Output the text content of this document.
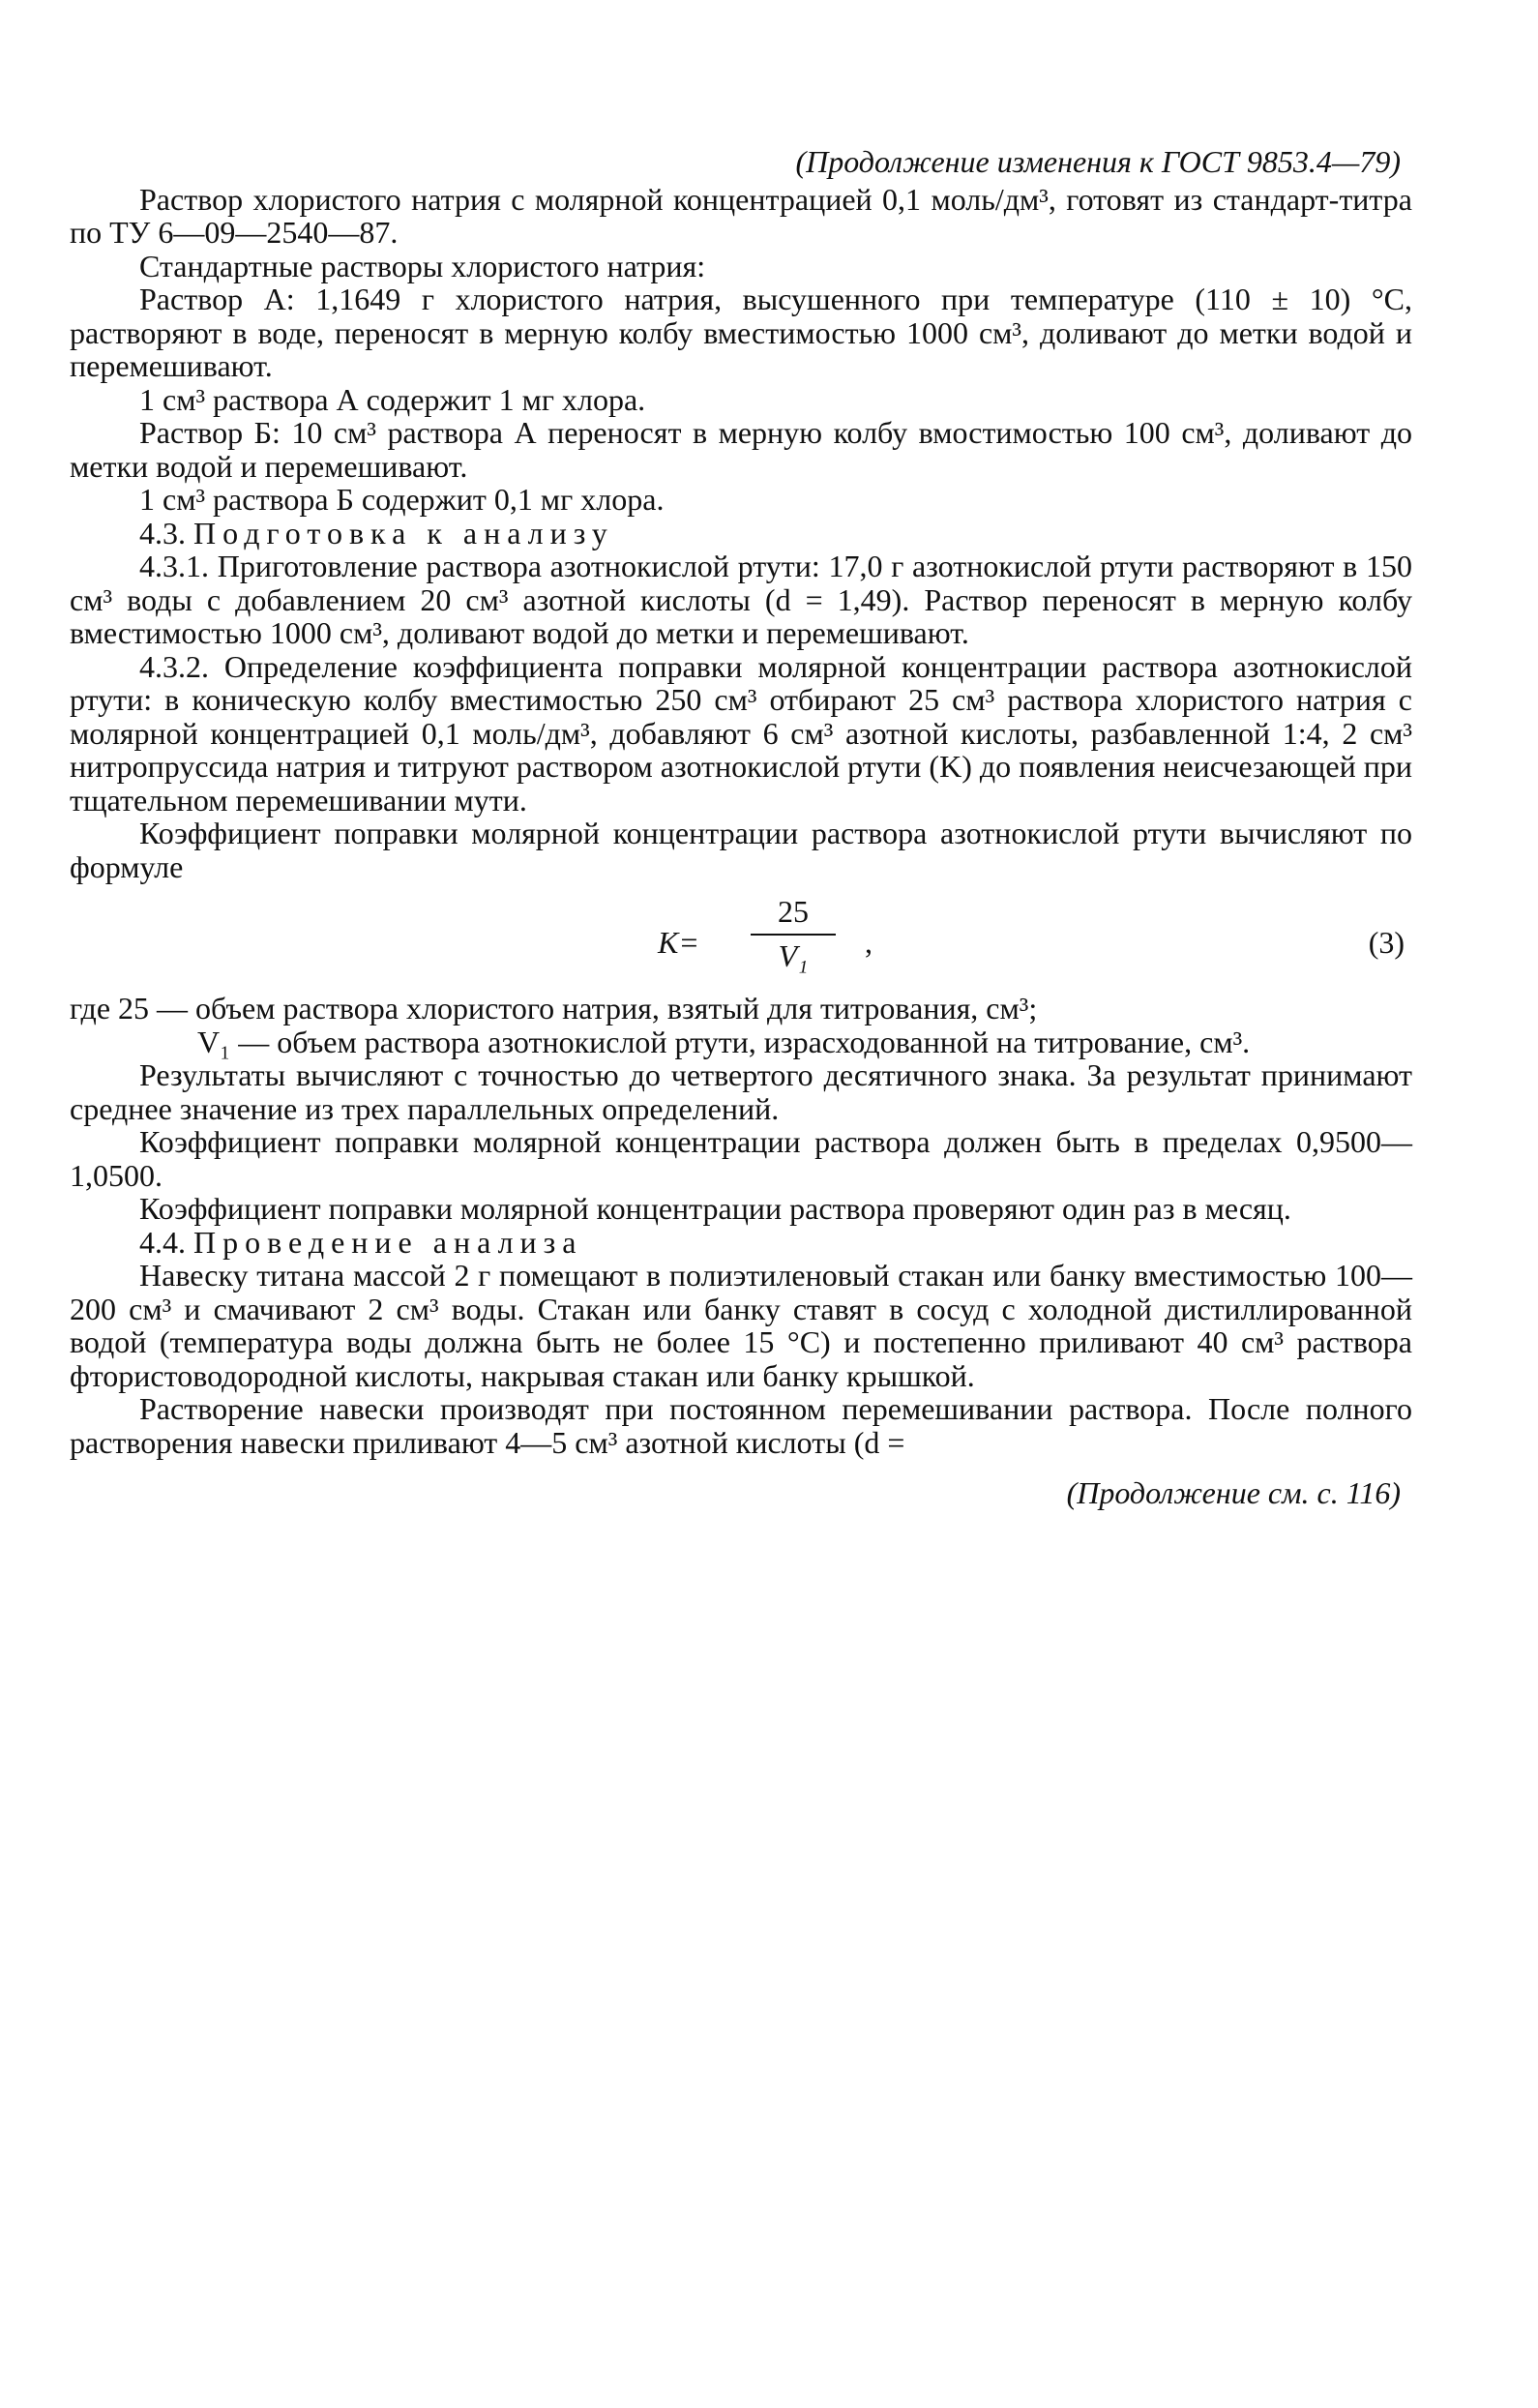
(Продолжение изменения к ГОСТ 9853.4—79)

Раствор хлористого натрия с молярной концентрацией 0,1 моль/дм³, готовят из стандарт-титра по ТУ 6—09—2540—87.

Стандартные растворы хлористого натрия:

Раствор А: 1,1649 г хлористого натрия, высушенного при температуре (110 ± 10) °С, растворяют в воде, переносят в мерную колбу вместимостью 1000 см³, доливают до метки водой и перемешивают.

1 см³ раствора А содержит 1 мг хлора.

Раствор Б: 10 см³ раствора А переносят в мерную колбу вмостимостью 100 см³, доливают до метки водой и перемешивают.

1 см³ раствора Б содержит 0,1 мг хлора.

4.3. Подготовка к анализу

4.3.1. Приготовление раствора азотнокислой ртути: 17,0 г азотнокислой ртути растворяют в 150 см³ воды с добавлением 20 см³ азотной кислоты (d = 1,49). Раствор переносят в мерную колбу вместимостью 1000 см³, доливают водой до метки и перемешивают.

4.3.2. Определение коэффициента поправки молярной концентрации раствора азотнокислой ртути: в коническую колбу вместимостью 250 см³ отбирают 25 см³ раствора хлористого натрия с молярной концентрацией 0,1 моль/дм³, добавляют 6 см³ азотной кислоты, разбавленной 1:4, 2 см³ нитропруссида натрия и титруют раствором азотнокислой ртути (K) до появления неисчезающей при тщательном перемешивании мути.

Коэффициент поправки молярной концентрации раствора азотнокислой ртути вычисляют по формуле

K=
25
V₁	,	(3)

где 25 — объем раствора хлористого натрия, взятый для титрования, см³;

V₁ — объем раствора азотнокислой ртути, израсходованной на титрование, см³.

Результаты вычисляют с точностью до четвертого десятичного знака. За результат принимают среднее значение из трех параллельных определений.

Коэффициент поправки молярной концентрации раствора должен быть в пределах 0,9500—1,0500.

Коэффициент поправки молярной концентрации раствора проверяют один раз в месяц.

4.4. Проведение анализа

Навеску титана массой 2 г помещают в полиэтиленовый стакан или банку вместимостью 100—200 см³ и смачивают 2 см³ воды. Стакан или банку ставят в сосуд с холодной дистиллированной водой (температура воды должна быть не более 15 °С) и постепенно приливают 40 см³ раствора фтористоводородной кислоты, накрывая стакан или банку крышкой.

Растворение навески производят при постоянном перемешивании раствора. После полного растворения навески приливают 4—5 см³ азотной кислоты (d =

(Продолжение см. с. 116)
